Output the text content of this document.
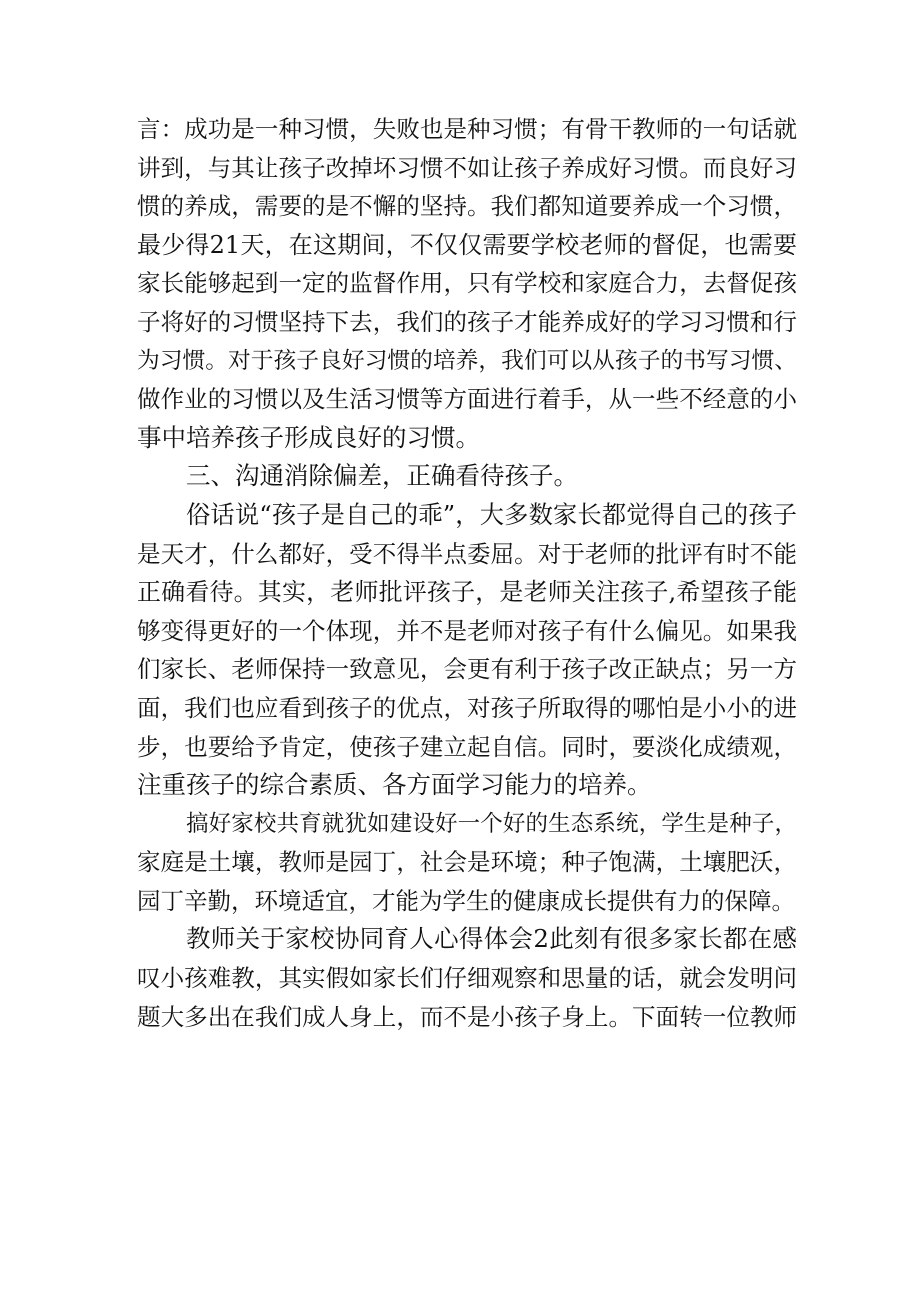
言：成功是一种习惯，失败也是种习惯；有骨干教师的一句话就
讲到，与其让孩子改掉坏习惯不如让孩子养成好习惯。而良好习
惯的养成，需要的是不懈的坚持。我们都知道要养成一个习惯，
最少得21天，在这期间，不仅仅需要学校老师的督促，也需要
家长能够起到一定的监督作用，只有学校和家庭合力，去督促孩
子将好的习惯坚持下去，我们的孩子才能养成好的学习习惯和行
为习惯。对于孩子良好习惯的培养，我们可以从孩子的书写习惯、
做作业的习惯以及生活习惯等方面进行着手，从一些不经意的小
事中培养孩子形成良好的习惯。
三、沟通消除偏差，正确看待孩子。
俗话说“孩子是自己的乖”，大多数家长都觉得自己的孩子
是天才，什么都好，受不得半点委屈。对于老师的批评有时不能
正确看待。其实，老师批评孩子，是老师关注孩子,希望孩子能
够变得更好的一个体现，并不是老师对孩子有什么偏见。如果我
们家长、老师保持一致意见，会更有利于孩子改正缺点；另一方
面，我们也应看到孩子的优点，对孩子所取得的哪怕是小小的进
步，也要给予肯定，使孩子建立起自信。同时，要淡化成绩观，
注重孩子的综合素质、各方面学习能力的培养。
搞好家校共育就犹如建设好一个好的生态系统，学生是种子，
家庭是土壤，教师是园丁，社会是环境；种子饱满，土壤肥沃，
园丁辛勤，环境适宜，才能为学生的健康成长提供有力的保障。
教师关于家校协同育人心得体会2此刻有很多家长都在感
叹小孩难教，其实假如家长们仔细观察和思量的话，就会发明问
题大多出在我们成人身上，而不是小孩子身上。下面转一位教师
